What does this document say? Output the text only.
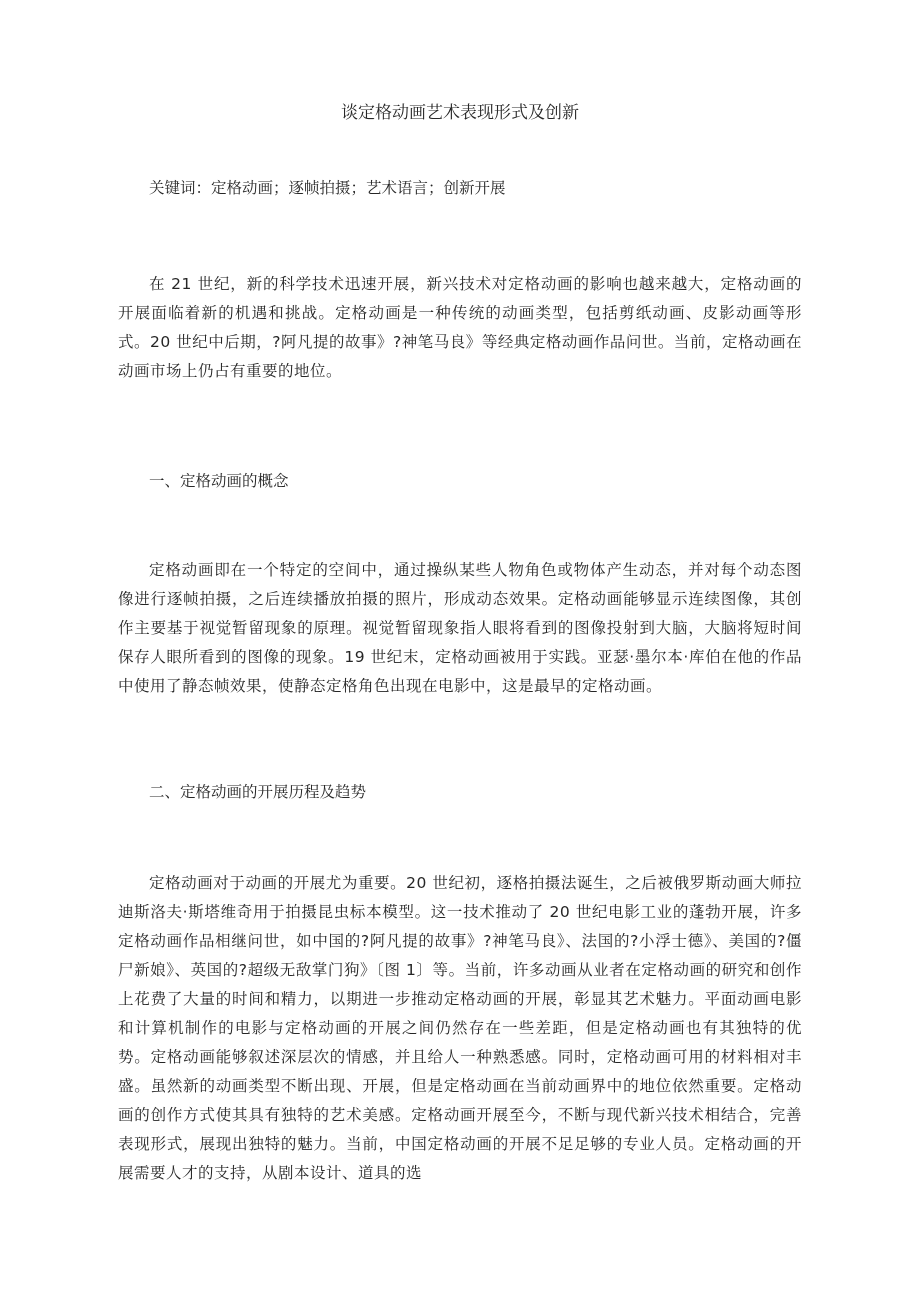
谈定格动画艺术表现形式及创新

关键词：定格动画；逐帧拍摄；艺术语言；创新开展

在 21 世纪，新的科学技术迅速开展，新兴技术对定格动画的影响也越来越大，定格动画的开展面临着新的机遇和挑战。定格动画是一种传统的动画类型，包括剪纸动画、皮影动画等形式。20 世纪中后期，?阿凡提的故事》?神笔马良》等经典定格动画作品问世。当前，定格动画在动画市场上仍占有重要的地位。

一、定格动画的概念

定格动画即在一个特定的空间中，通过操纵某些人物角色或物体产生动态，并对每个动态图像进行逐帧拍摄，之后连续播放拍摄的照片，形成动态效果。定格动画能够显示连续图像，其创作主要基于视觉暂留现象的原理。视觉暂留现象指人眼将看到的图像投射到大脑，大脑将短时间保存人眼所看到的图像的现象。19 世纪末，定格动画被用于实践。亚瑟·墨尔本·库伯在他的作品中使用了静态帧效果，使静态定格角色出现在电影中，这是最早的定格动画。

二、定格动画的开展历程及趋势

定格动画对于动画的开展尤为重要。20 世纪初，逐格拍摄法诞生，之后被俄罗斯动画大师拉迪斯洛夫·斯塔维奇用于拍摄昆虫标本模型。这一技术推动了 20 世纪电影工业的蓬勃开展，许多定格动画作品相继问世，如中国的?阿凡提的故事》?神笔马良》、法国的?小浮士德》、美国的?僵尸新娘》、英国的?超级无敌掌门狗》〔图 1〕等。当前，许多动画从业者在定格动画的研究和创作上花费了大量的时间和精力，以期进一步推动定格动画的开展，彰显其艺术魅力。平面动画电影和计算机制作的电影与定格动画的开展之间仍然存在一些差距，但是定格动画也有其独特的优势。定格动画能够叙述深层次的情感，并且给人一种熟悉感。同时，定格动画可用的材料相对丰盛。虽然新的动画类型不断出现、开展，但是定格动画在当前动画界中的地位依然重要。定格动画的创作方式使其具有独特的艺术美感。定格动画开展至今，不断与现代新兴技术相结合，完善表现形式，展现出独特的魅力。当前，中国定格动画的开展不足足够的专业人员。定格动画的开展需要人才的支持，从剧本设计、道具的选
